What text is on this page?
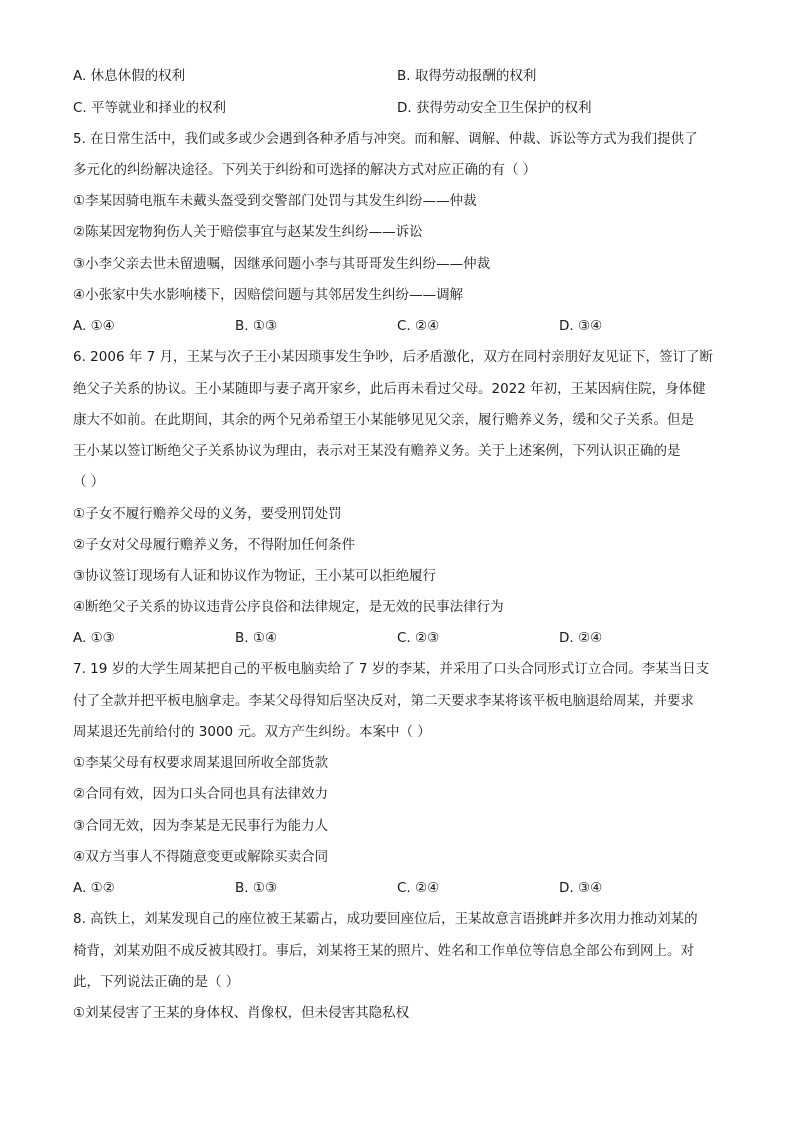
A. 休息休假的权利	B. 取得劳动报酬的权利
C. 平等就业和择业的权利	D. 获得劳动安全卫生保护的权利
5. 在日常生活中，我们或多或少会遇到各种矛盾与冲突。而和解、调解、仲裁、诉讼等方式为我们提供了
多元化的纠纷解决途径。下列关于纠纷和可选择的解决方式对应正确的有（ ）
①李某因骑电瓶车未戴头盔受到交警部门处罚与其发生纠纷——仲裁
②陈某因宠物狗伤人关于赔偿事宜与赵某发生纠纷——诉讼
③小李父亲去世未留遗嘱，因继承问题小李与其哥哥发生纠纷——仲裁
④小张家中失水影响楼下，因赔偿问题与其邻居发生纠纷——调解
A. ①④	B. ①③	C. ②④	D. ③④
6. 2006 年 7 月，王某与次子王小某因琐事发生争吵，后矛盾激化，双方在同村亲朋好友见证下，签订了断
绝父子关系的协议。王小某随即与妻子离开家乡，此后再未看过父母。2022 年初，王某因病住院，身体健
康大不如前。在此期间，其余的两个兄弟希望王小某能够见见父亲，履行赡养义务，缓和父子关系。但是
王小某以签订断绝父子关系协议为理由，表示对王某没有赡养义务。关于上述案例，下列认识正确的是
（ ）
①子女不履行赡养父母的义务，要受刑罚处罚
②子女对父母履行赡养义务，不得附加任何条件
③协议签订现场有人证和协议作为物证，王小某可以拒绝履行
④断绝父子关系的协议违背公序良俗和法律规定，是无效的民事法律行为
A. ①③	B. ①④	C. ②③	D. ②④
7. 19 岁的大学生周某把自己的平板电脑卖给了 7 岁的李某，并采用了口头合同形式订立合同。李某当日支
付了全款并把平板电脑拿走。李某父母得知后坚决反对，第二天要求李某将该平板电脑退给周某，并要求
周某退还先前给付的 3000 元。双方产生纠纷。本案中（ ）
①李某父母有权要求周某退回所收全部货款
②合同有效，因为口头合同也具有法律效力
③合同无效，因为李某是无民事行为能力人
④双方当事人不得随意变更或解除买卖合同
A. ①②	B. ①③	C. ②④	D. ③④
8. 高铁上，刘某发现自己的座位被王某霸占，成功要回座位后，王某故意言语挑衅并多次用力推动刘某的
椅背，刘某劝阻不成反被其殴打。事后，刘某将王某的照片、姓名和工作单位等信息全部公布到网上。对
此，下列说法正确的是（ ）
①刘某侵害了王某的身体权、肖像权，但未侵害其隐私权
